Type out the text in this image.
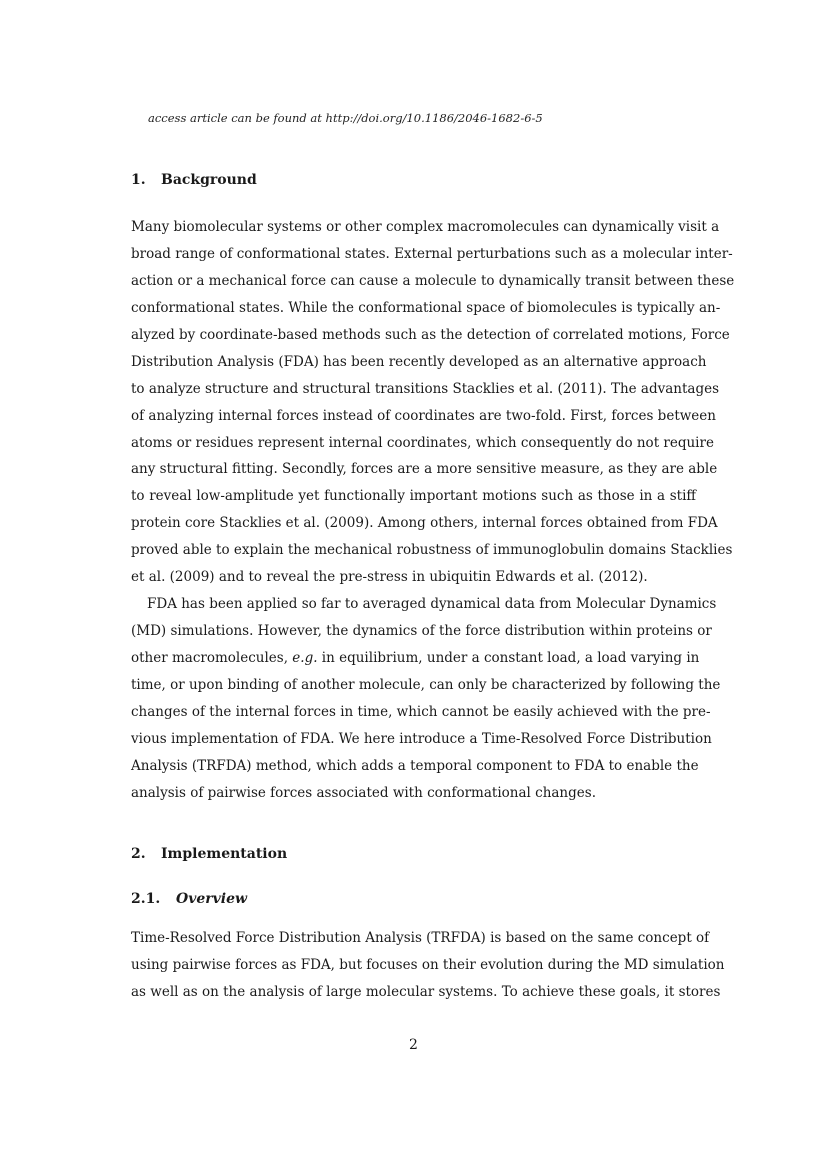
access article can be found at http://doi.org/10.1186/2046-1682-6-5
1. Background
Many biomolecular systems or other complex macromolecules can dynamically visit a
broad range of conformational states. External perturbations such as a molecular inter-
action or a mechanical force can cause a molecule to dynamically transit between these
conformational states. While the conformational space of biomolecules is typically an-
alyzed by coordinate-based methods such as the detection of correlated motions, Force
Distribution Analysis (FDA) has been recently developed as an alternative approach
to analyze structure and structural transitions Stacklies et al. (2011). The advantages
of analyzing internal forces instead of coordinates are two-fold. First, forces between
atoms or residues represent internal coordinates, which consequently do not require
any structural fitting. Secondly, forces are a more sensitive measure, as they are able
to reveal low-amplitude yet functionally important motions such as those in a stiff
protein core Stacklies et al. (2009). Among others, internal forces obtained from FDA
proved able to explain the mechanical robustness of immunoglobulin domains Stacklies
et al. (2009) and to reveal the pre-stress in ubiquitin Edwards et al. (2012).
FDA has been applied so far to averaged dynamical data from Molecular Dynamics
(MD) simulations. However, the dynamics of the force distribution within proteins or
other macromolecules, e.g. in equilibrium, under a constant load, a load varying in
time, or upon binding of another molecule, can only be characterized by following the
changes of the internal forces in time, which cannot be easily achieved with the pre-
vious implementation of FDA. We here introduce a Time-Resolved Force Distribution
Analysis (TRFDA) method, which adds a temporal component to FDA to enable the
analysis of pairwise forces associated with conformational changes.
2. Implementation
2.1. Overview
Time-Resolved Force Distribution Analysis (TRFDA) is based on the same concept of
using pairwise forces as FDA, but focuses on their evolution during the MD simulation
as well as on the analysis of large molecular systems. To achieve these goals, it stores
2
